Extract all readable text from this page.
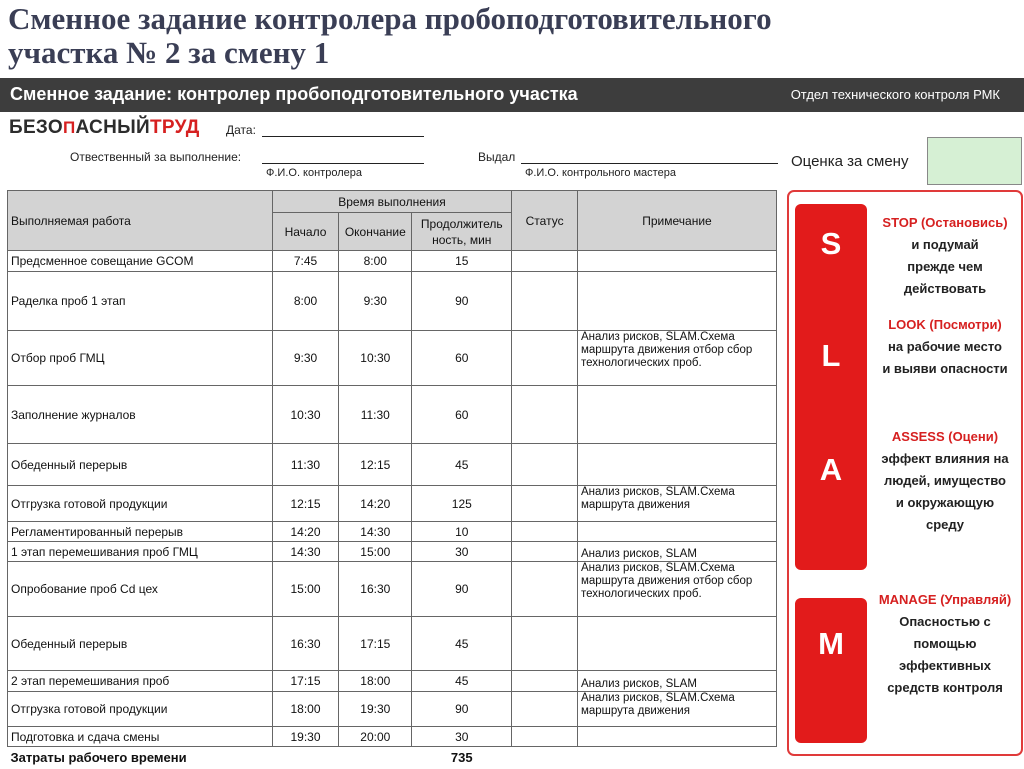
Сменное задание контролера пробоподготовительного
участка № 2 за смену 1
Сменное задание: контролер пробоподготовительного участка	Отдел технического контроля РМК
БЕЗОПАСНЫЙТРУД Дата:
Отвественный за выполнение:
Ф.И.О. контролера
Выдал
Ф.И.О. контрольного мастера
Оценка за смену
Выполняемая работа	Время выполнения			Статус	Примечание
	Начало	Окончание	Продолжитель ность, мин		
Предсменное совещание GCOM	7:45	8:00	15		
Раделка проб 1 этап	8:00	9:30	90		
Отбор проб ГМЦ	9:30	10:30	60		Анализ рисков, SLAM.Схема маршрута движения отбор сбор технологических проб.
Заполнение журналов	10:30	11:30	60		
Обеденный перерыв	11:30	12:15	45		
Отгрузка готовой продукции	12:15	14:20	125		Анализ рисков, SLAM.Схема маршрута движения
Регламентированный перерыв	14:20	14:30	10		
1 этап перемешивания проб ГМЦ	14:30	15:00	30		Анализ рисков, SLAM
Опробование проб Cd цех	15:00	16:30	90		Анализ рисков, SLAM.Схема маршрута движения отбор сбор технологических проб.
Обеденный перерыв	16:30	17:15	45		
2 этап перемешивания проб	17:15	18:00	45		Анализ рисков, SLAM
Отгрузка готовой продукции	18:00	19:30	90		Анализ рисков, SLAM.Схема маршрута движения
Подготовка и сдача смены	19:30	20:00	30		
Затраты рабочего времени			735		
S
L
A
M
STOP (Остановись)
и подумай
прежде чем
действовать
LOOK (Посмотри)
на рабочие место
и выяви опасности
ASSESS (Оцени)
эффект влияния на
людей, имущество
и окружающую
среду
MANAGE (Управляй)
Опасностью с
помощью
эффективных
средств контроля
